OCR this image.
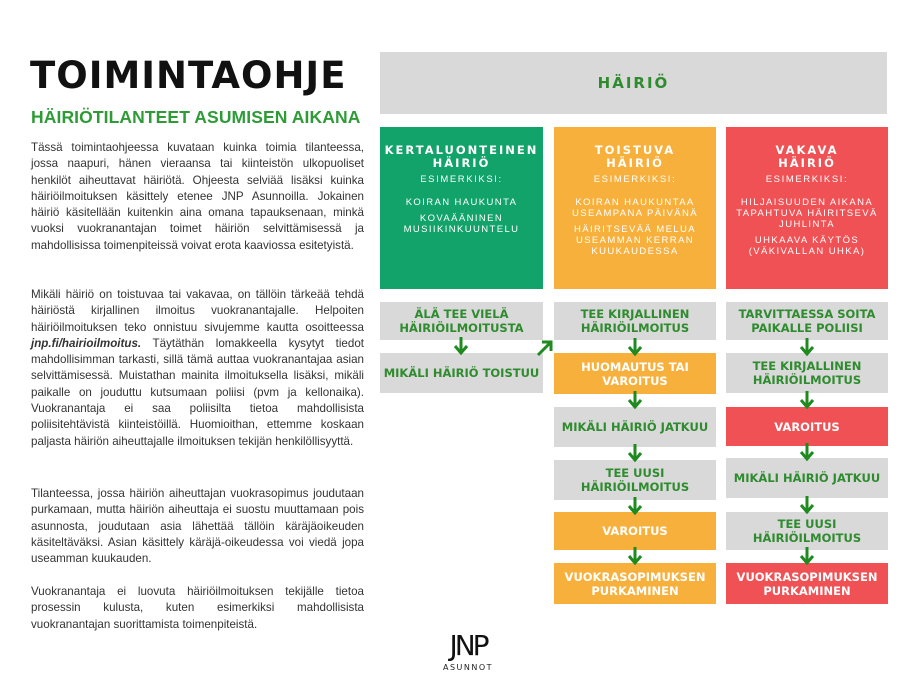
TOIMINTAOHJE
HÄIRIÖTILANTEET ASUMISEN AIKANA

Tässä toimintaohjeessa kuvataan kuinka toimia tilanteessa, jossa naapuri, hänen vieraansa tai kiinteistön ulkopuoliset henkilöt aiheuttavat häiriötä. Ohjeesta selviää lisäksi kuinka häiriöilmoituksen käsittely etenee JNP Asunnoilla. Jokainen häiriö käsitellään kuitenkin aina omana tapauksenaan, minkä vuoksi vuokranantajan toimet häiriön selvittämisessä ja mahdollisissa toimenpiteissä voivat erota kaaviossa esitetyistä.

Mikäli häiriö on toistuvaa tai vakavaa, on tällöin tärkeää tehdä häiriöstä kirjallinen ilmoitus vuokranantajalle. Helpoiten häiriöilmoituksen teko onnistuu sivujemme kautta osoitteessa jnp.fi/hairioilmoitus. Täytäthän lomakkeella kysytyt tiedot mahdollisimman tarkasti, sillä tämä auttaa vuokranantajaa asian selvittämisessä. Muistathan mainita ilmoituksella lisäksi, mikäli paikalle on jouduttu kutsumaan poliisi (pvm ja kellonaika). Vuokranantaja ei saa poliisilta tietoa mahdollisista poliisitehtävistä kiinteistöillä. Huomioithan, ettemme koskaan paljasta häiriön aiheuttajalle ilmoituksen tekijän henkilöllisyyttä.

Tilanteessa, jossa häiriön aiheuttajan vuokrasopimus joudutaan purkamaan, mutta häiriön aiheuttaja ei suostu muuttamaan pois asunnosta, joudutaan asia lähettää tällöin käräjäoikeuden käsiteltäväksi. Asian käsittely käräjä-oikeudessa voi viedä jopa useamman kuukauden.

Vuokranantaja ei luovuta häiriöilmoituksen tekijälle tietoa prosessin kulusta, kuten esimerkiksi mahdollisista vuokranantajan suorittamista toimenpiteistä.

HÄIRIÖ
KERTALUONTEINEN
HÄIRIÖ
ESIMERKIKSI:
KOIRAN HAUKUNTA
KOVAÄÄNINEN MUSIIKINKUUNTELU
TOISTUVA
HÄIRIÖ
ESIMERKIKSI:
KOIRAN HAUKUNTAA USEAMPANA PÄIVÄNÄ
HÄIRITSEVÄÄ MELUA USEAMMAN KERRAN KUUKAUDESSA
VAKAVA
HÄIRIÖ
ESIMERKIKSI:
HILJAISUUDEN AIKANA TAPAHTUVA HÄIRITSEVÄ JUHLINTA
UHKAAVA KÄYTÖS (VÄKIVALLAN UHKA)
ÄLÄ TEE VIELÄ HÄIRIÖILMOITUSTA
MIKÄLI HÄIRIÖ TOISTUU
TEE KIRJALLINEN HÄIRIÖILMOITUS
HUOMAUTUS TAI VAROITUS
MIKÄLI HÄIRIÖ JATKUU
TEE UUSI HÄIRIÖILMOITUS
VAROITUS
VUOKRASOPIMUKSEN PURKAMINEN
TARVITTAESSA SOITA PAIKALLE POLIISI
TEE KIRJALLINEN HÄIRIÖILMOITUS
VAROITUS
MIKÄLI HÄIRIÖ JATKUU
TEE UUSI HÄIRIÖILMOITUS
VUOKRASOPIMUKSEN PURKAMINEN
JNP
ASUNNOT
